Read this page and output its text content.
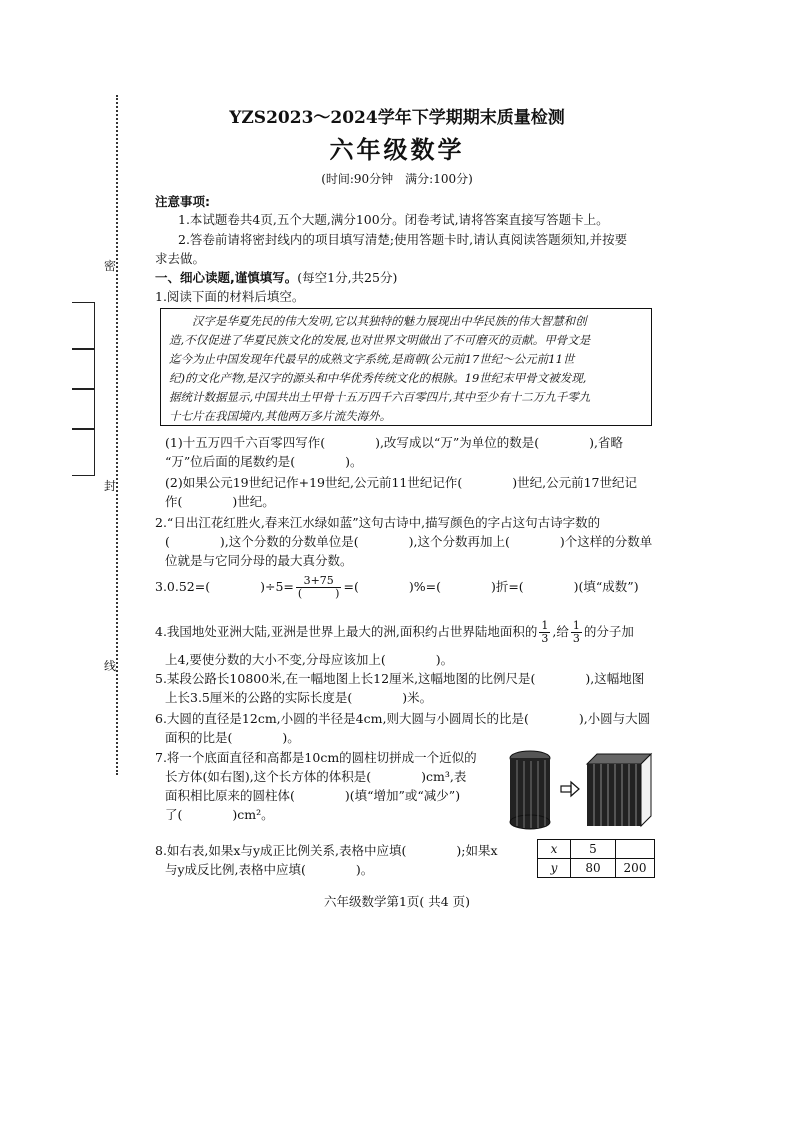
密
封
线
YZS2023～2024学年下学期期末质量检测
六年级数学
(时间:90分钟　满分:100分)
注意事项:
1.本试题卷共4页,五个大题,满分100分。闭卷考试,请将答案直接写答题卡上。
2.答卷前请将密封线内的项目填写清楚;使用答题卡时,请认真阅读答题须知,并按要
求去做。
一、细心读题,谨慎填写。(每空1分,共25分)
1.阅读下面的材料后填空。

　　汉字是华夏先民的伟大发明,它以其独特的魅力展现出中华民族的伟大智慧和创

造,不仅促进了华夏民族文化的发展,也对世界文明做出了不可磨灭的贡献。甲骨文是

迄今为止中国发现年代最早的成熟文字系统,是商朝(公元前17世纪～公元前11世

纪)的文化产物,是汉字的源头和中华优秀传统文化的根脉。19世纪末甲骨文被发现,

据统计数据显示,中国共出土甲骨十五万四千六百零四片,其中至少有十二万九千零九

十七片在我国境内,其他两万多片流失海外。

(1)十五万四千六百零四写作(　　　　),改写成以“万”为单位的数是(　　　　),省略
“万”位后面的尾数约是(　　　　)。
(2)如果公元19世纪记作+19世纪,公元前11世纪记作(　　　　)世纪,公元前17世纪记
作(　　　　)世纪。
2.“日出江花红胜火,春来江水绿如蓝”这句古诗中,描写颜色的字占这句古诗字数的
(　　　　),这个分数的分数单位是(　　　　),这个分数再加上(　　　　)个这样的分数单
位就是与它同分母的最大真分数。
3.0.52=(　　　　)$\div 5= \frac{3+75}{( )}$ =(　　　　)%=(　　　　)折=(　　　　)(填“成数”)
4.我国地处亚洲大陆,亚洲是世界上最大的洲,面积约占世界陆地面积的 $\frac{1}{3}$ ,给 $\frac{1}{3}$ 的分子加
上4,要使分数的大小不变,分母应该加上(　　　　)。
5.某段公路长10800米,在一幅地图上长12厘米,这幅地图的比例尺是(　　　　),这幅地图
上长3.5厘米的公路的实际长度是(　　　　)米。
6.大圆的直径是12cm,小圆的半径是4cm,则大圆与小圆周长的比是(　　　　),小圆与大圆
面积的比是(　　　　)。
7.将一个底面直径和高都是10cm的圆柱切拼成一个近似的
长方体(如右图),这个长方体的体积是(　　　　)cm³,表
面积相比原来的圆柱体(　　　　)(填“增加”或“减少”)
了(　　　　)cm²。
8.如右表,如果x与y成正比例关系,表格中应填(　　　　);如果x
与y成反比例,表格中应填(　　　　)。
x	5	
y	80	200
六年级数学第1页( 共4 页)
